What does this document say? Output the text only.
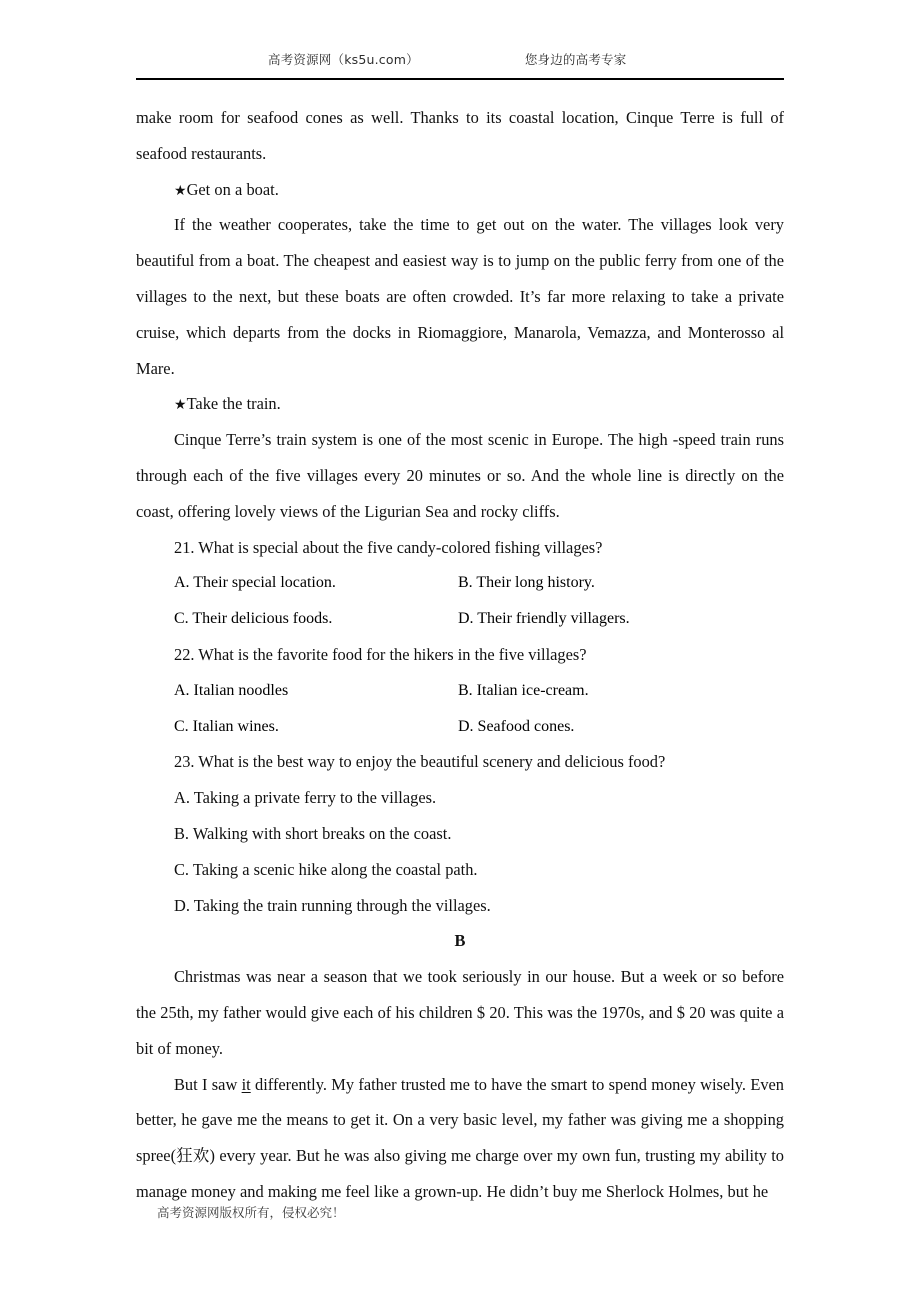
高考资源网（ks5u.com）	您身边的高考专家

make room for seafood cones as well. Thanks to its coastal location, Cinque Terre is full of seafood restaurants.

★Get on a boat.

If the weather cooperates, take the time to get out on the water. The villages look very beautiful from a boat. The cheapest and easiest way is to jump on the public ferry from one of the villages to the next, but these boats are often crowded. It’s far more relaxing to take a private cruise, which departs from the docks in Riomaggiore, Manarola, Vemazza, and Monterosso al Mare.

★Take the train.

Cinque Terre’s train system is one of the most scenic in Europe. The high -speed train runs through each of the five villages every 20 minutes or so. And the whole line is directly on the coast, offering lovely views of the Ligurian Sea and rocky cliffs.

21. What is special about the five candy-colored fishing villages?

A. Their special location.	B. Their long history.
C. Their delicious foods.	D. Their friendly villagers.

22. What is the favorite food for the hikers in the five villages?

A. Italian noodles	B. Italian ice-cream.
C. Italian wines.	D. Seafood cones.

23. What is the best way to enjoy the beautiful scenery and delicious food?

A. Taking a private ferry to the villages.
B. Walking with short breaks on the coast.
C. Taking a scenic hike along the coastal path.
D. Taking the train running through the villages.

B

Christmas was near a season that we took seriously in our house. But a week or so before the 25th, my father would give each of his children $ 20. This was the 1970s, and $ 20 was quite a bit of money.

But I saw it differently. My father trusted me to have the smart to spend money wisely. Even better, he gave me the means to get it. On a very basic level, my father was giving me a shopping spree(狂欢) every year. But he was also giving me charge over my own fun, trusting my ability to manage money and making me feel like a grown-up. He didn’t buy me Sherlock Holmes, but he

高考资源网版权所有，侵权必究！
